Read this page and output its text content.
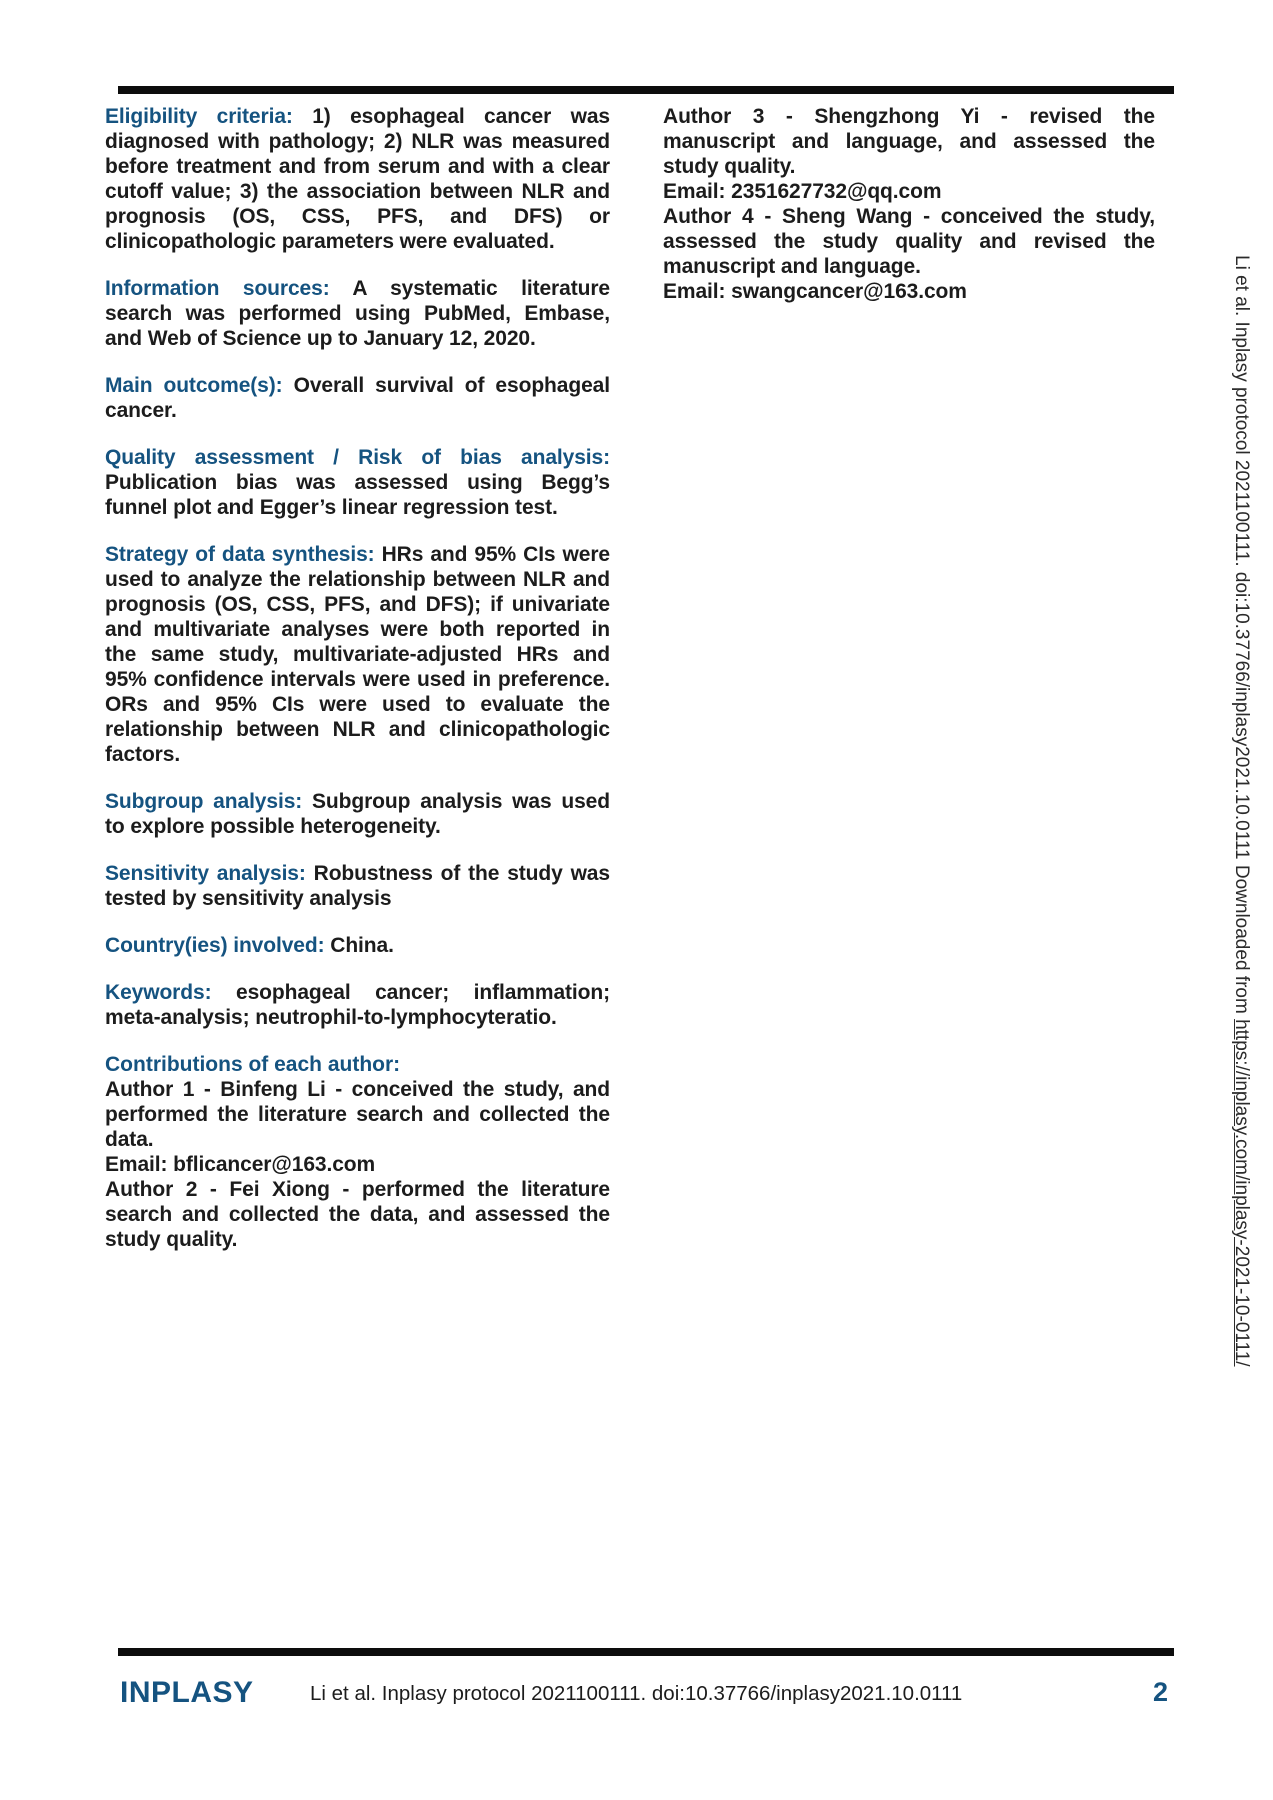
Eligibility criteria: 1) esophageal cancer was diagnosed with pathology; 2) NLR was measured before treatment and from serum and with a clear cutoff value; 3) the association between NLR and prognosis (OS, CSS, PFS, and DFS) or clinicopathologic parameters were evaluated.

Information sources: A systematic literature search was performed using PubMed, Embase, and Web of Science up to January 12, 2020.

Main outcome(s): Overall survival of esophageal cancer.

Quality assessment / Risk of bias analysis: Publication bias was assessed using Begg’s funnel plot and Egger’s linear regression test.

Strategy of data synthesis: HRs and 95% CIs were used to analyze the relationship between NLR and prognosis (OS, CSS, PFS, and DFS); if univariate and multivariate analyses were both reported in the same study, multivariate-adjusted HRs and 95% confidence intervals were used in preference. ORs and 95% CIs were used to evaluate the relationship between NLR and clinicopathologic factors.

Subgroup analysis: Subgroup analysis was used to explore possible heterogeneity.

Sensitivity analysis: Robustness of the study was tested by sensitivity analysis

Country(ies) involved: China.

Keywords: esophageal cancer; inflammation; meta-analysis; neutrophil-to-lymphocyteratio.

Contributions of each author:

Author 1 - Binfeng Li - conceived the study, and performed the literature search and collected the data.

Email: bflicancer@163.com

Author 2 - Fei Xiong - performed the literature search and collected the data, and assessed the study quality.

Author 3 - Shengzhong Yi - revised the manuscript and language, and assessed the study quality.

Email: 2351627732@qq.com

Author 4 - Sheng Wang - conceived the study, assessed the study quality and revised the manuscript and language.

Email: swangcancer@163.com	Li et al. Inplasy protocol 2021100111. doi:10.37766/inplasy2021.10.0111 Downloaded from https://inplasy.com/inplasy-2021-10-0111/
INPLASY	Li et al. Inplasy protocol 2021100111. doi:10.37766/inplasy2021.10.0111	2
